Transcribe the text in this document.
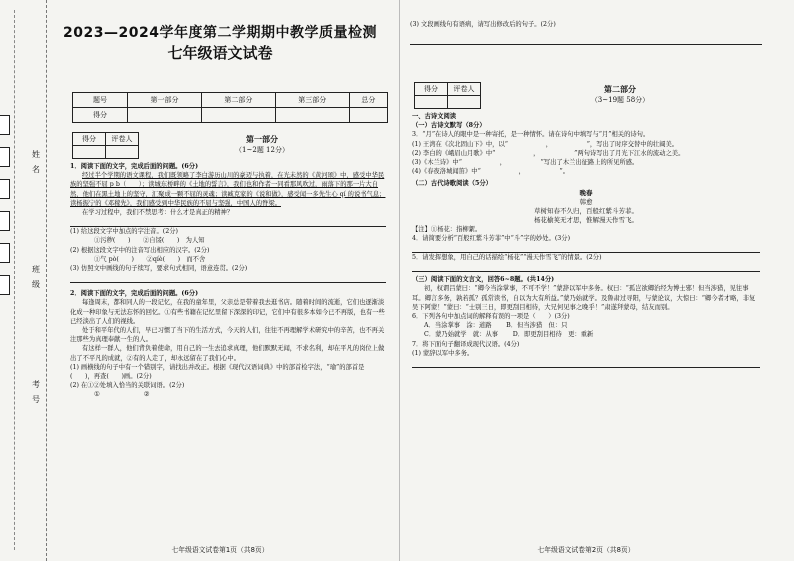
姓
名
班
级
考
号
2023—2024学年度第二学期期中教学质量检测
七年级语文试卷
题号	第一部分	第二部分	第三部分	总分
得分				
得分	评卷人
		第一部分
（1~2题 12分）

1．阅读下面的文字，完成后面的问题。(6分)

经过半个学期的语文课程，我们既领略了李白游历山川的豪迈与执着，在光未然的《黄河颂》中，感受中华民族的坚强不屈 p b（　　）；读城东桥畔的《土地的誓言》，我们也和作者一同看那风吹过，雨落下的那一片大自然，他们在黑土地上的坚守，汇聚成一颗不屈的灵魂；读臧克家的《说和做》，感受闻一多先生心 qí 的说书气息；读杨振宁的《邓稼先》，我们感受到中华民族的不屈与坚强，中国人的脊梁。

在学习过程中，我们不禁思考：什么才是真正的精神？

(1) 给这段文字中加点的字注音。(2分)

①污秽(　　)　　②自馁(　　)　为人知

(2) 根据这段文字中的注音写出相应的汉字。(2分)

①气 pò(　　)　　②qíè(　　)　而不舍

(3) 仿照文中画线的句子续写，要求句式相同，语意连贯。(2分)

2．阅读下面的文字，完成后面的问题。(6分)

每逢周末，都和同人的一段记忆，在我的童年里，父亲总是带着我去逛书店。随着时间的流逝，它们也逐渐淡化成一种印象与无法忘怀的回忆。①有些书籍在记忆里留下深深的印记，它们中有很多本如今已不再版，也有一些已经淡出了人们的视线。

处于和平年代的人们，早已习惯了当下的生活方式，今天的人们，往往不再理解学术研究中的辛苦，也不再关注那些为真理奉献一生的人。

有这样一群人，他们背负着使命，用自己的一生去追求真理，他们默默无闻，不求名利，却在平凡的岗位上做出了不平凡的成就，②有的人走了，却永远留在了我们心中。

(1) 画横线的句子中有一个错别字，请找出并改正。根据《现代汉语词典》中的部首检字法，“瑜”的部首是(　　)，再查(　　)画。(2分)

(2) 在①②处填入恰当的关联词语。(2分)

①　　　　　　　②

七年级语文试卷第1页（共8页）
(3) 文段画线句有语病，请写出修改后的句子。(2分)
得分	评卷人
		第二部分
（3~19题 58分）

一、古诗文阅读

（一）古诗文默写（8分）

3．“月”在诗人的眼中是一种寄托，是一种情怀。请在诗句中填写与“月”相关的诗句。

(1) 王湾在《次北固山下》中，以“　　　　　　，　　　　　　”，写出了时序交替中的壮阔美。

(2) 李白的《峨眉山月歌》中“　　　　　　，　　　　　　”两句诗写出了月光下江水的流动之美。

(3)《木兰诗》中“　　　　　　，　　　　　　”写出了木兰出征路上的所见所感。

(4)《春夜洛城闻笛》中“　　　　　　，　　　　　　”。

（二）古代诗歌阅读（5分）

晚春

韩愈

草树知春不久归，百般红紫斗芳菲。

杨花榆荚无才思，惟解漫天作雪飞。

【注】①杨花：指柳絮。

4．请简要分析“百般红紫斗芳菲”中“斗”字的妙处。(3分)

5．请发挥想象，用自己的话描绘“杨花”“漫天作雪飞”的情景。(2分)

（三）阅读下面的文言文，回答6~8题。(共14分)

初，权谓吕蒙曰：“卿今当涂掌事，不可不学！”蒙辞以军中多务。权曰：“孤岂欲卿治经为博士邪！但当涉猎，见往事耳。卿言多务，孰若孤？孤常读书，自以为大有所益。”蒙乃始就学。及鲁肃过寻阳，与蒙论议，大惊曰：“卿今者才略，非复吴下阿蒙！”蒙曰：“士别三日，即更刮目相待，大兄何见事之晚乎！”肃遂拜蒙母，结友而别。

6．下列各句中加点词的解释有误的一项是（　　）(3分)

A．当涂掌事　涂：道路　　 B．但当涉猎　但：只

C．蒙乃始就学　就：从事　　 D．即更刮目相待　更：重新

7．将下面句子翻译成现代汉语。(4分)

(1) 蒙辞以军中多务。

七年级语文试卷第2页（共8页）
